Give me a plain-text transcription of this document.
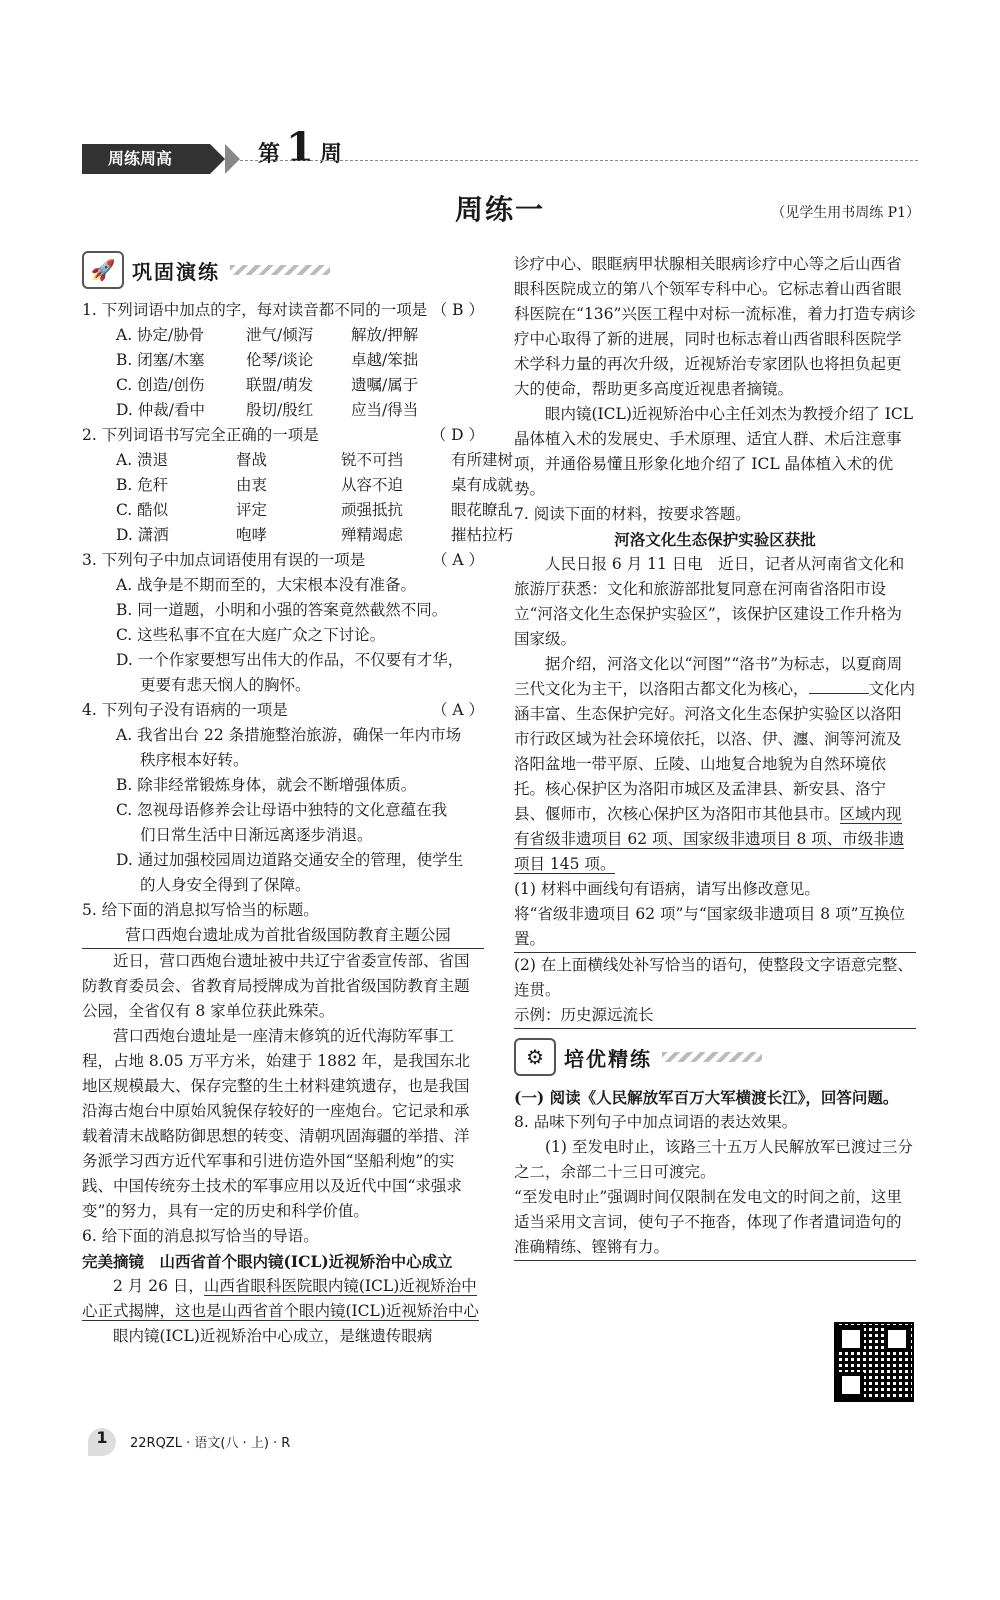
周练周高	第 1 周
周练一	（见学生用书周练 P1）
🚀 巩固演练

1. 下列词语中加点的字，每对读音都不同的一项是 （ B ）

A. 协定/胁骨	泄气/倾泻	解放/押解
B. 闭塞/木塞	伦琴/谈论	卓越/笨拙
C. 创造/创伤	联盟/萌发	遗嘱/属于
D. 仲裁/看中	殷切/殷红	应当/得当

2. 下列词语书写完全正确的一项是	（ D ）

A. 溃退	督战	锐不可挡	有所建树
B. 危秆	由衷	从容不迫	桌有成就
C. 酷似	评定	顽强抵抗	眼花瞭乱
D. 潇洒	咆哮	殚精竭虑	摧枯拉朽

3. 下列句子中加点词语使用有误的一项是	（ A ）

A. 战争是不期而至的，大宋根本没有准备。
B. 同一道题，小明和小强的答案竟然截然不同。
C. 这些私事不宜在大庭广众之下讨论。
D. 一个作家要想写出伟大的作品，不仅要有才华，
更要有悲天悯人的胸怀。

4. 下列句子没有语病的一项是	（ A ）

A. 我省出台 22 条措施整治旅游，确保一年内市场
秩序根本好转。
B. 除非经常锻炼身体，就会不断增强体质。
C. 忽视母语修养会让母语中独特的文化意蕴在我
们日常生活中日渐远离逐步消退。
D. 通过加强校园周边道路交通安全的管理，使学生
的人身安全得到了保障。

5. 给下面的消息拟写恰当的标题。

营口西炮台遗址成为首批省级国防教育主题公园

近日，营口西炮台遗址被中共辽宁省委宣传部、省国防教育委员会、省教育局授牌成为首批省级国防教育主题公园，全省仅有 8 家单位获此殊荣。

营口西炮台遗址是一座清末修筑的近代海防军事工程，占地 8.05 万平方米，始建于 1882 年，是我国东北地区规模最大、保存完整的生土材料建筑遗存，也是我国沿海古炮台中原始风貌保存较好的一座炮台。它记录和承载着清末战略防御思想的转变、清朝巩固海疆的举措、洋务派学习西方近代军事和引进仿造外国“坚船利炮”的实践、中国传统夯土技术的军事应用以及近代中国“求强求变”的努力，具有一定的历史和科学价值。

6. 给下面的消息拟写恰当的导语。

完美摘镜　 山西省首个眼内镜(ICL)近视矫治中心成立

2 月 26 日，山西省眼科医院眼内镜(ICL)近视矫治中心正式揭牌，这也是山西省首个眼内镜(ICL)近视矫治中心

眼内镜(ICL)近视矫治中心成立，是继遗传眼病

诊疗中心、眼眶病甲状腺相关眼病诊疗中心等之后山西省眼科医院成立的第八个领军专科中心。它标志着山西省眼科医院在“136”兴医工程中对标一流标准，着力打造专病诊疗中心取得了新的进展，同时也标志着山西省眼科医院学术学科力量的再次升级，近视矫治专家团队也将担负起更大的使命，帮助更多高度近视患者摘镜。

眼内镜(ICL)近视矫治中心主任刘杰为教授介绍了 ICL 晶体植入术的发展史、手术原理、适宜人群、术后注意事项，并通俗易懂且形象化地介绍了 ICL 晶体植入术的优势。

7. 阅读下面的材料，按要求答题。

河洛文化生态保护实验区获批

人民日报 6 月 11 日电　近日，记者从河南省文化和旅游厅获悉：文化和旅游部批复同意在河南省洛阳市设立“河洛文化生态保护实验区”，该保护区建设工作升格为国家级。

据介绍，河洛文化以“河图”“洛书”为标志，以夏商周三代文化为主干，以洛阳古都文化为核心，	文化内涵丰富、生态保护完好。河洛文化生态保护实验区以洛阳市行政区域为社会环境依托，以洛、伊、瀍、涧等河流及洛阳盆地一带平原、丘陵、山地复合地貌为自然环境依托。核心保护区为洛阳市城区及孟津县、新安县、洛宁县、偃师市，次核心保护区为洛阳市其他县市。区域内现有省级非遗项目 62 项、国家级非遗项目 8 项、市级非遗项目 145 项。

(1) 材料中画线句有语病，请写出修改意见。
将“省级非遗项目 62 项”与“国家级非遗项目 8 项”互换位置。
(2) 在上面横线处补写恰当的语句，使整段文字语意完整、连贯。
示例：历史源远流长
⚙	培优精练
(一) 阅读《人民解放军百万大军横渡长江》，回答问题。

8. 品味下列句子中加点词语的表达效果。

(1) 至发电时止，该路三十五万人民解放军已渡过三分之二，余部二十三日可渡完。

“至发电时止”强调时间仅限制在发电文的时间之前，这里适当采用文言词，使句子不拖沓，体现了作者遣词造句的准确精练、铿锵有力。
1	22RQZL · 语文(八 · 上) · R
